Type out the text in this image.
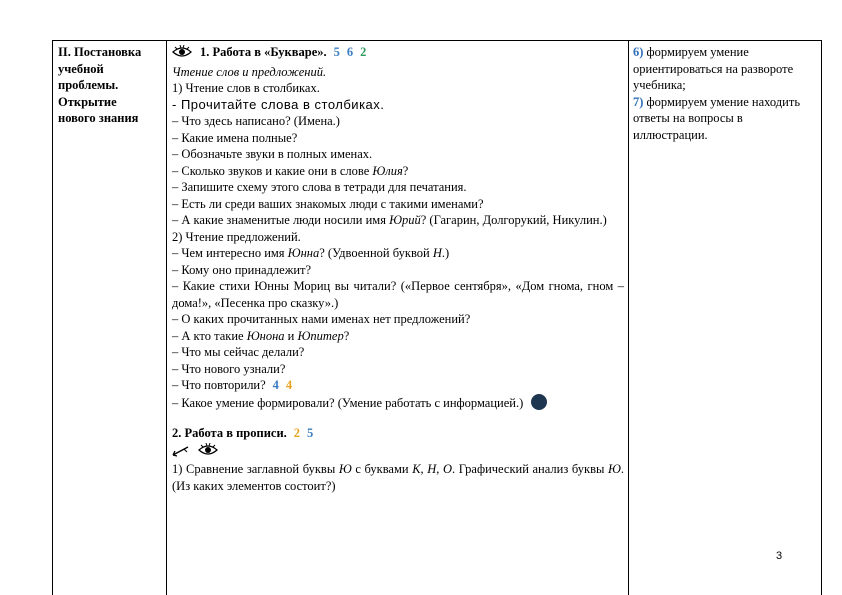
II. Постановка
учебной
проблемы.
Открытие
нового знания
1. Работа в «Букваре». 5 6 2
Чтение слов и предложений.
1) Чтение слов в столбиках.
- Прочитайте слова в столбиках.
– Что здесь написано? (Имена.)
– Какие имена полные?
– Обозначьте звуки в полных именах.
– Сколько звуков и какие они в слове Юлия?
– Запишите схему этого слова в тетради для печатания.
– Есть ли среди ваших знакомых люди с такими именами?
– А какие знаменитые люди носили имя Юрий? (Гагарин, Долгорукий, Никулин.)
2) Чтение предложений.
– Чем интересно имя Юнна? (Удвоенной буквой Н.)
– Кому оно принадлежит?
– Какие стихи Юнны Мориц вы читали? («Первое сентября», «Дом гнома, гном – дома!», «Песенка про сказку».)
– О каких прочитанных нами именах нет предложений?
– А кто такие Юнона и Юпитер?
– Что мы сейчас делали?
– Что нового узнали?
– Что повторили? 4 4
– Какое умение формировали? (Умение работать с информацией.)
2. Работа в прописи. 2 5
1) Сравнение заглавной буквы Ю с буквами К, Н, О. Графический анализ буквы Ю. (Из каких элементов состоит?)
6) формируем умение ориентироваться на развороте учебника;
7) формируем умение находить ответы на вопросы в иллюстрации.
3
